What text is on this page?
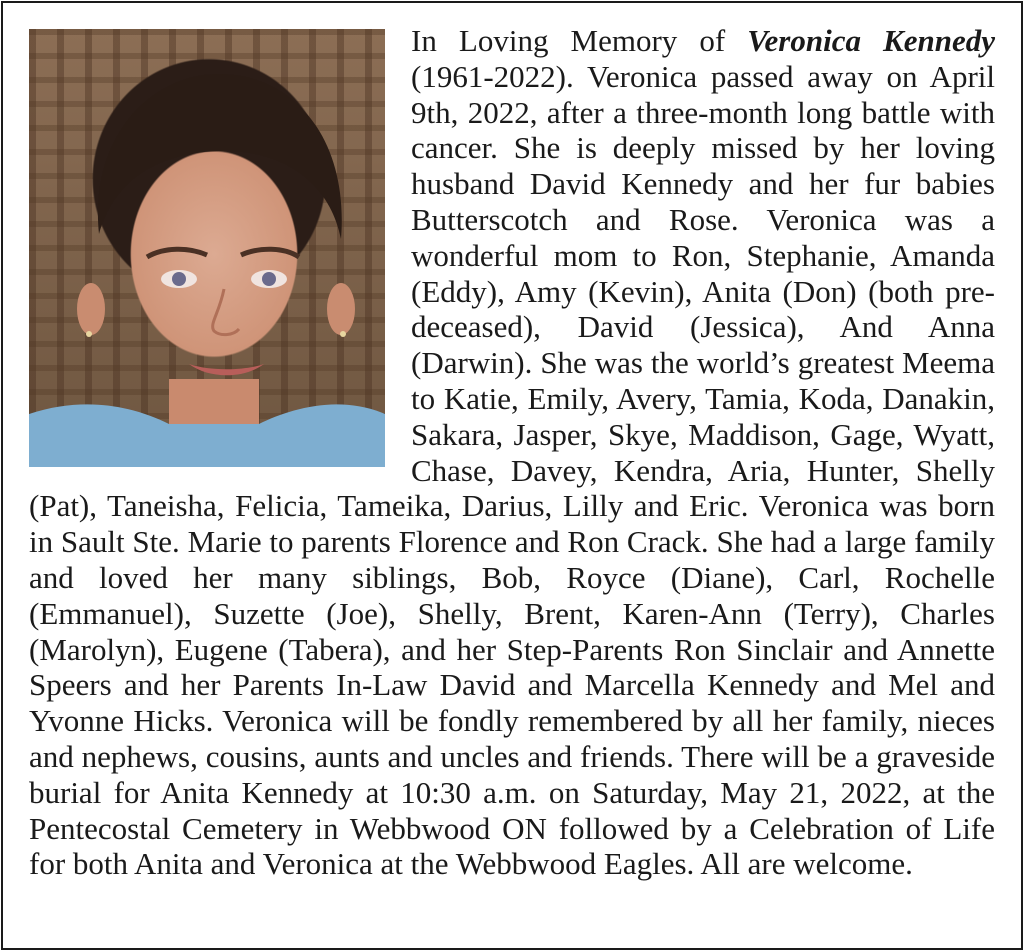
In Loving Memory of Veronica Kennedy (1961-2022). Veronica passed away on April 9th, 2022, after a three-month long battle with cancer. She is deeply missed by her loving husband David Kennedy and her fur babies Butterscotch and Rose. Veronica was a wonderful mom to Ron, Stephanie, Amanda (Eddy), Amy (Kevin), Anita (Don) (both pre-deceased), David (Jessica), And Anna (Darwin). She was the world’s greatest Meema to Katie, Emily, Avery, Tamia, Koda, Danakin, Sakara, Jasper, Skye, Maddison, Gage, Wyatt, Chase, Davey, Kendra, Aria, Hunter, Shelly (Pat), Taneisha, Felicia, Tameika, Darius, Lilly and Eric. Veronica was born in Sault Ste. Marie to parents Florence and Ron Crack. She had a large family and loved her many siblings, Bob, Royce (Diane), Carl, Rochelle (Emmanuel), Suzette (Joe), Shelly, Brent, Karen-Ann (Terry), Charles (Marolyn), Eugene (Tabera), and her Step-Parents Ron Sinclair and Annette Speers and her Parents In-Law David and Marcella Kennedy and Mel and Yvonne Hicks. Veronica will be fondly remembered by all her family, nieces and nephews, cousins, aunts and uncles and friends. There will be a graveside burial for Anita Kennedy at 10:30 a.m. on Saturday, May 21, 2022, at the Pentecostal Cemetery in Webbwood ON followed by a Celebration of Life for both Anita and Veronica at the Webbwood Eagles. All are welcome.
